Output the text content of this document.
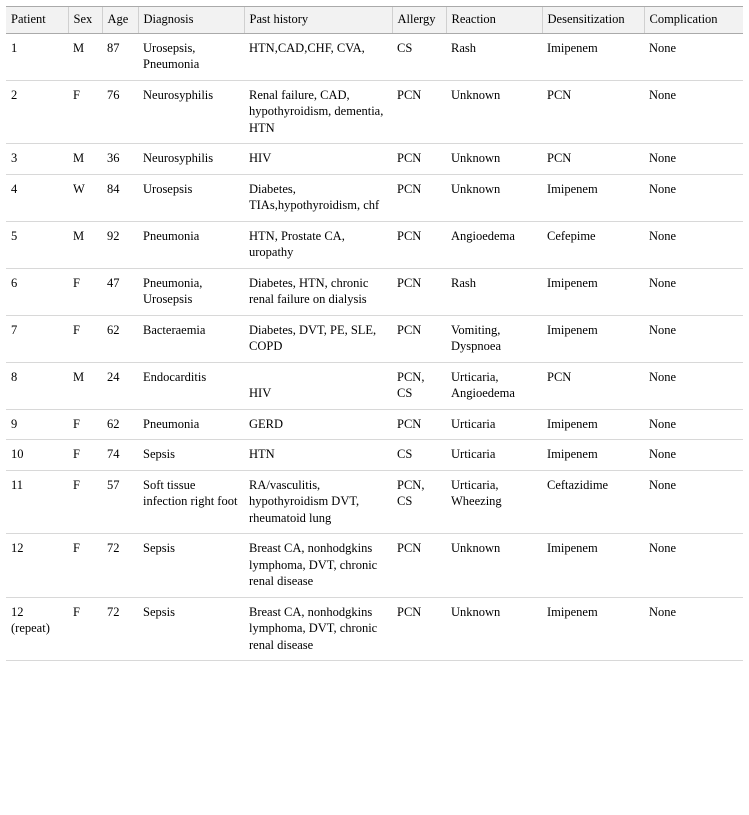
Patient	Sex	Age	Diagnosis	Past history	Allergy	Reaction	Desensitization	Complication
1	M	87	Urosepsis, Pneumonia	HTN,CAD,CHF, CVA,	CS	Rash	Imipenem	None
2	F	76	Neurosyphilis	Renal failure, CAD, hypothyroidism, dementia, HTN	PCN	Unknown	PCN	None
3	M	36	Neurosyphilis	HIV	PCN	Unknown	PCN	None
4	W	84	Urosepsis	Diabetes, TIAs,hypothyroidism, chf	PCN	Unknown	Imipenem	None
5	M	92	Pneumonia	HTN, Prostate CA, uropathy	PCN	Angioedema	Cefepime	None
6	F	47	Pneumonia, Urosepsis	Diabetes, HTN, chronic renal failure on dialysis	PCN	Rash	Imipenem	None
7	F	62	Bacteraemia	Diabetes, DVT, PE, SLE, COPD	PCN	Vomiting, Dyspnoea	Imipenem	None
8	M	24	Endocarditis	HIV	PCN, CS	Urticaria, Angioedema	PCN	None
9	F	62	Pneumonia	GERD	PCN	Urticaria	Imipenem	None
10	F	74	Sepsis	HTN	CS	Urticaria	Imipenem	None
11	F	57	Soft tissue infection right foot	RA/vasculitis, hypothyroidism DVT, rheumatoid lung	PCN, CS	Urticaria, Wheezing	Ceftazidime	None
12	F	72	Sepsis	Breast CA, nonhodgkins lymphoma, DVT, chronic renal disease	PCN	Unknown	Imipenem	None
12 (repeat)	F	72	Sepsis	Breast CA, nonhodgkins lymphoma, DVT, chronic renal disease	PCN	Unknown	Imipenem	None
